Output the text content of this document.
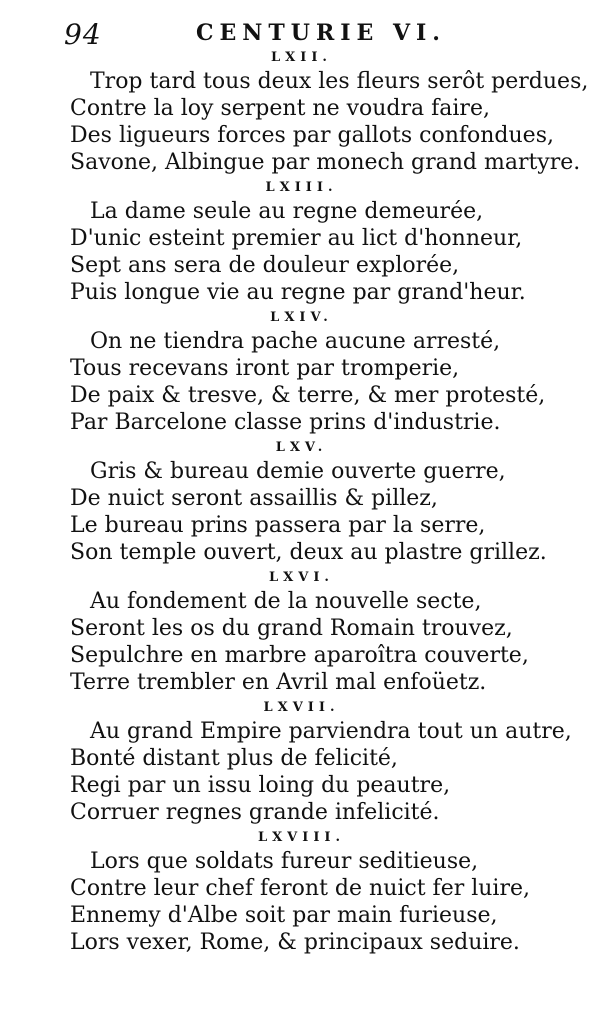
94	CENTURIE VI.
LXII.
Trop tard tous deux les fleurs serôt perdues,
Contre la loy serpent ne voudra faire,
Des ligueurs forces par gallots confondues,
Savone, Albingue par monech grand martyre.
LXIII.
La dame seule au regne demeurée,
D'unic esteint premier au lict d'honneur,
Sept ans sera de douleur explorée,
Puis longue vie au regne par grand'heur.
LXIV.
On ne tiendra pache aucune arresté,
Tous recevans iront par tromperie,
De paix & tresve, & terre, & mer protesté,
Par Barcelone classe prins d'industrie.
LXV.
Gris & bureau demie ouverte guerre,
De nuict seront assaillis & pillez,
Le bureau prins passera par la serre,
Son temple ouvert, deux au plastre grillez.
LXVI.
Au fondement de la nouvelle secte,
Seront les os du grand Romain trouvez,
Sepulchre en marbre aparoîtra couverte,
Terre trembler en Avril mal enfoüetz.
LXVII.
Au grand Empire parviendra tout un autre,
Bonté distant plus de felicité,
Regi par un issu loing du peautre,
Corruer regnes grande infelicité.
LXVIII.
Lors que soldats fureur seditieuse,
Contre leur chef feront de nuict fer luire,
Ennemy d'Albe soit par main furieuse,
Lors vexer, Rome, & principaux seduire.
